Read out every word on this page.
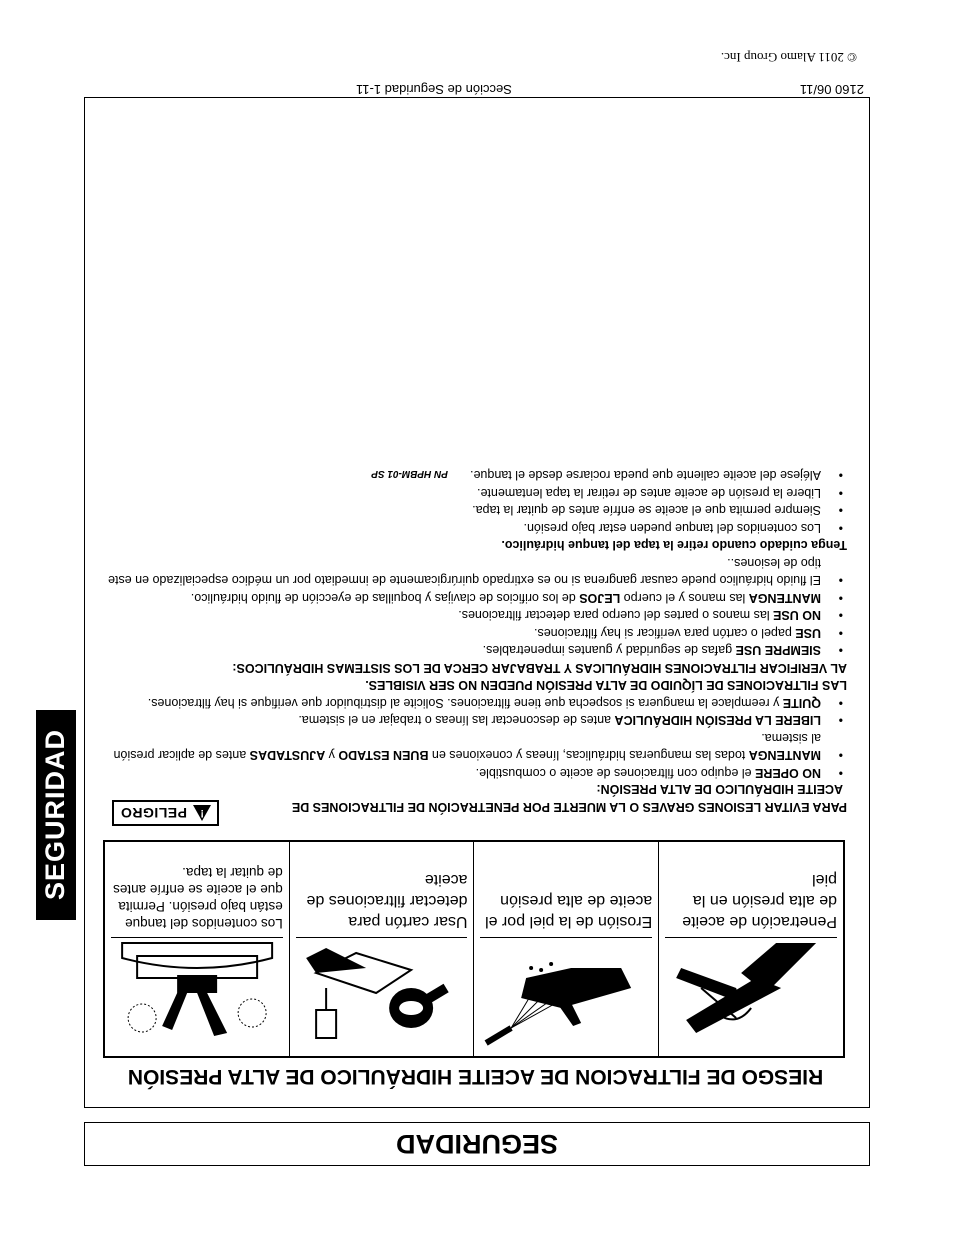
SEGURIDAD
SEGURIDAD
RIESGO DE FILTRACION DE ACEITE HIDRÁULICO DE ALTA PRESIÓN
Penetración de aceite de alta presión en la piel
Erosión de la piel por el aceite de alta presión
Usar cartón para detectar filtraciones de aceite
Los contenidos del tanque están bajo presión. Permita que el aceite se enfríe antes de quitar la tapa.
!
PELIGRO	PARA EVITAR LESIONES GRAVES O LA MUERTE POR PENETRACIÓN DE FILTRACIONES DE
ACEITE HIDRÁULICO DE ALTA PRESIÓN:
• NO OPERE el equipo con filtraciones de aceite o combustible.
• MANTENGA todas las mangueras hidráulicas, líneas y conexiones en BUEN ESTADO y AJUSTADAS antes de aplicar presión al sistema.
• LIBERE LA PRESIÓN HIDRÁULICA antes de desconectar las líneas o trabajar en el sistema.
• QUITE y reemplace la manguera si sospecha que tiene filtraciones. Solicite al distribuidor que verifique si hay filtraciones.

LAS FILTRACIONES DE LÍQUIDO DE ALTA PRESIÓN PUEDEN NO SER VISIBLES.

AL VERIFICAR FILTRACIONES HIDRÁULICAS Y TRABAJAR CERCA DE LOS SISTEMAS HIDRÁULICOS:

• SIEMPRE USE gafas de seguridad y guantes impenetrables.
• USE papel o cartón para verificar si hay filtraciones.
• NO USE las manos o partes del cuerpo para detectar filtraciones.
• MANTENGA las manos y el cuerpo LEJOS de los orificios de clavijas y boquillas de eyección de fluido hidráulico.
• El fluido hidráulico puede causar gangrena si no es extirpado quirúrgicamente de inmediato por un médico especializado en este tipo de lesiones..

Tenga cuidado cuando retire la tapa del tanque hidráulico.

• Los contenidos del tanque pueden estar bajo presión.
• Siempre permita que el aceite se enfríe antes de quitar la tapa.
• Libere la presión de aceite antes de retirar la tapa lentamente.
• Aléjese del aceite caliente que pueda rociarse desde el tanque.PN HPBM-01 SP
2160 06/11
Sección de Seguridad 1-11
© 2011 Alamo Group Inc.
